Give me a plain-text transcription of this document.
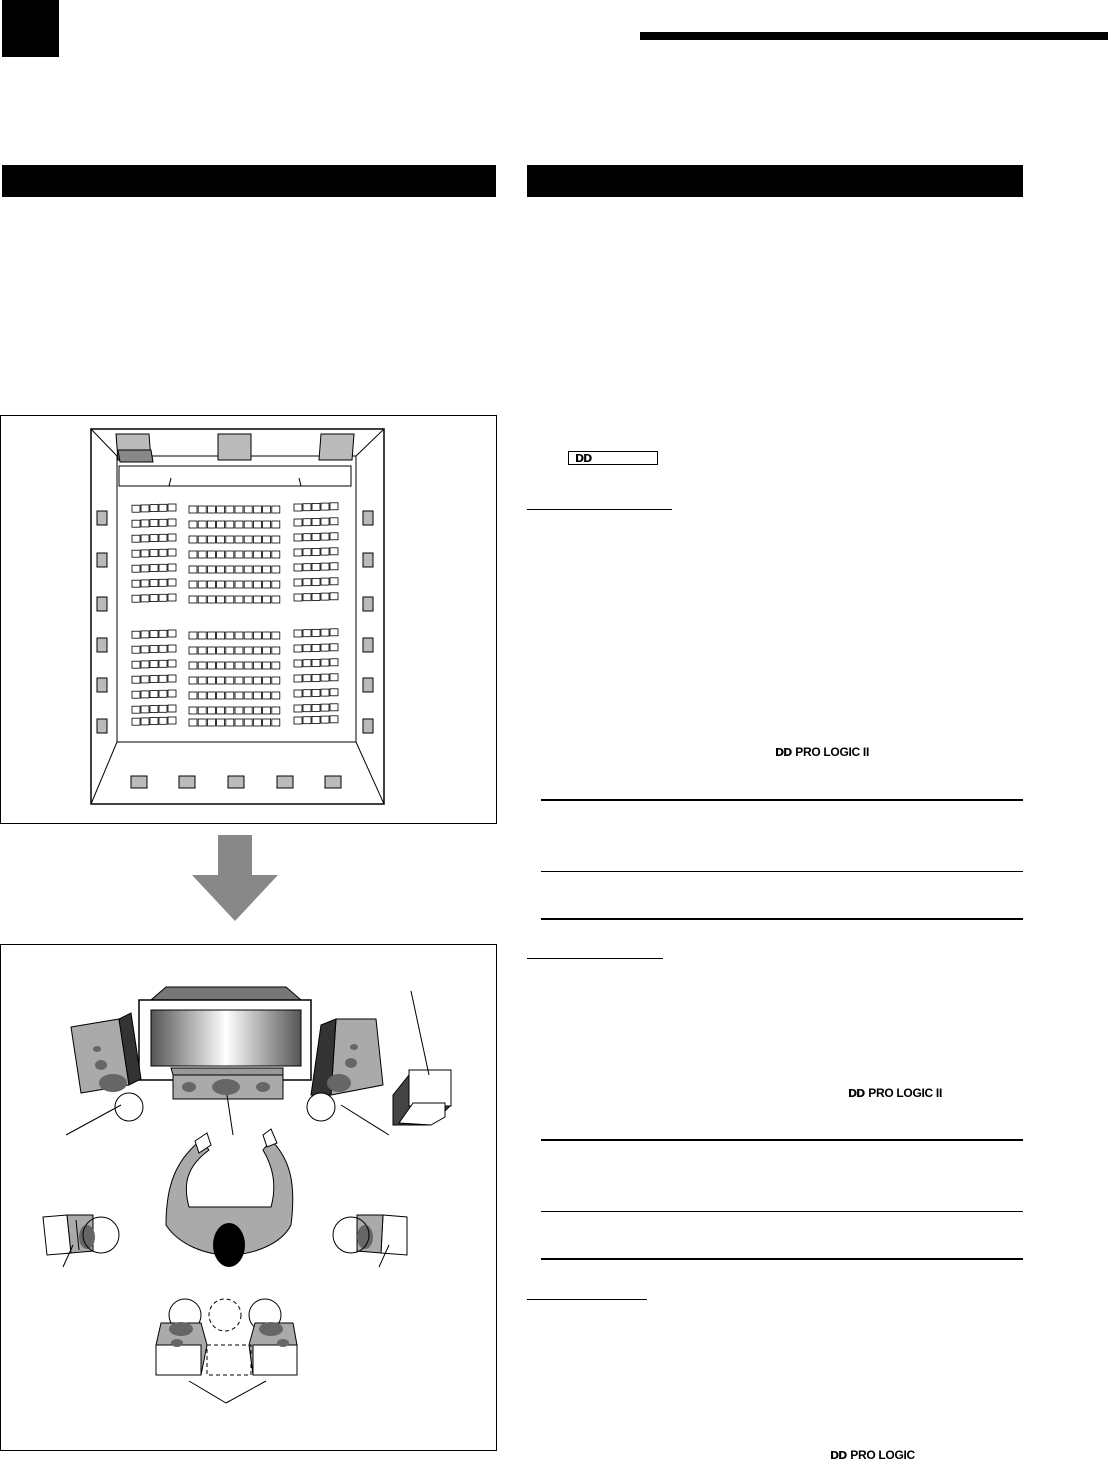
DD
DD PRO LOGIC II
DD PRO LOGIC II
DD PRO LOGIC
